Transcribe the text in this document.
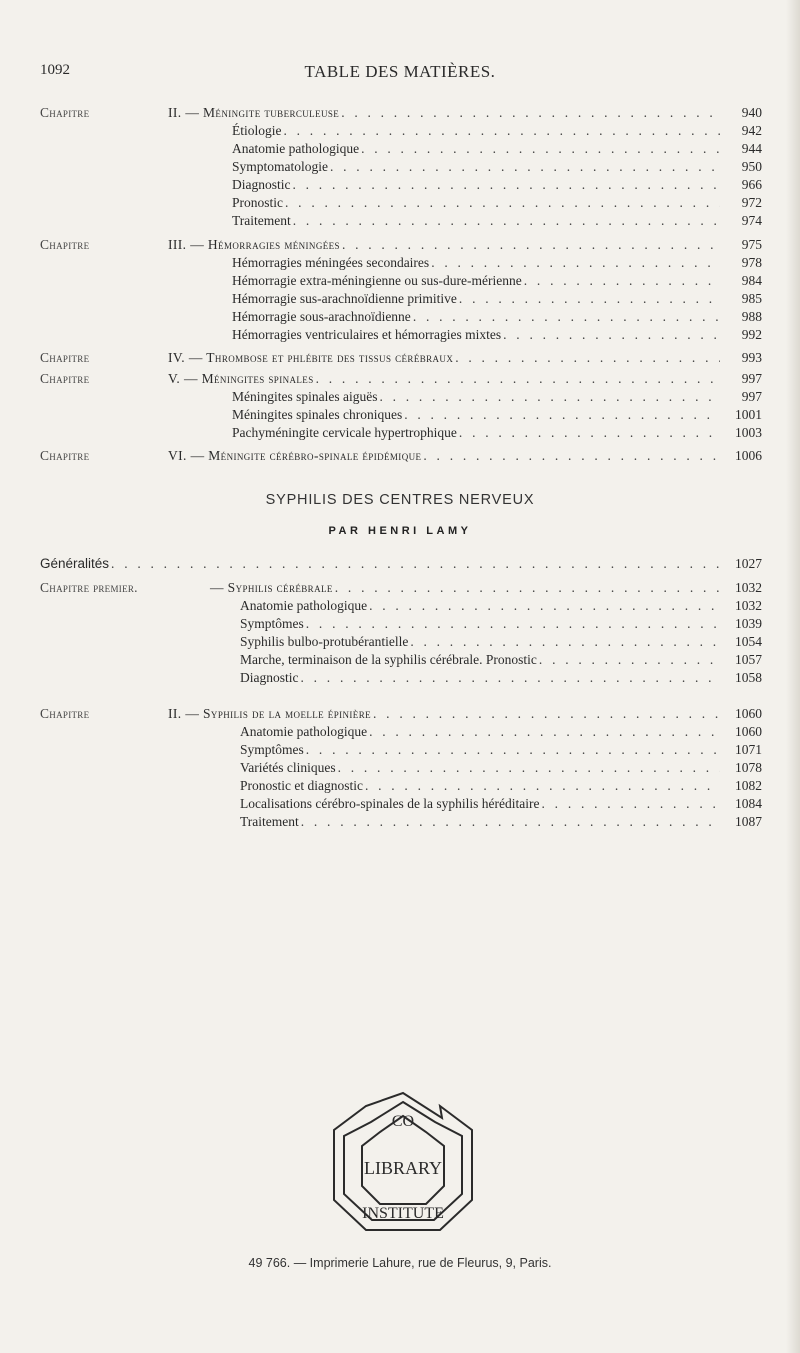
1092	TABLE DES MATIÈRES.
Chapitre	II. — Méningite tuberculeuse . . .	940
Étiologie . . .	942
Anatomie pathologique . . .	944
Symptomatologie . . .	950
Diagnostic . . .	966
Pronostic . . .	972
Traitement . . .	974
Chapitre	III. — Hémorragies méningées . . .	975
Hémorragies méningées secondaires . . .	978
Hémorragie extra-méningienne ou sus-dure-mérienne . . .	984
Hémorragie sus-arachnoïdienne primitive . . .	985
Hémorragie sous-arachnoïdienne . . .	988
Hémorragies ventriculaires et hémorragies mixtes . . .	992
Chapitre	IV. — Thrombose et phlébite des tissus cérébraux . . .	993
Chapitre	V. — Méningites spinales . . .	997
Méningites spinales aiguës . . .	997
Méningites spinales chroniques . . .	1001
Pachyméningite cervicale hypertrophique . . .	1003
Chapitre	VI. — Méningite cérébro-spinale épidémique . . .	1006
SYPHILIS DES CENTRES NERVEUX
PAR HENRI LAMY
Généralités . . .	1027
Chapitre premier.	— Syphilis cérébrale . . .	1032
Anatomie pathologique . . .	1032
Symptômes . . .	1039
Syphilis bulbo-protubérantielle . . .	1054
Marche, terminaison de la syphilis cérébrale. Pronostic . . .	1057
Diagnostic . . .	1058
Chapitre	II. — Syphilis de la moelle épinière . . .	1060
Anatomie pathologique . . .	1060
Symptômes . . .	1071
Variétés cliniques . . .	1078
Pronostic et diagnostic . . .	1082
Localisations cérébro-spinales de la syphilis héréditaire . . .	1084
Traitement . . .	1087
CO
LIBRARY
INSTITUTE
49 766. — Imprimerie Lahure, rue de Fleurus, 9, Paris.
